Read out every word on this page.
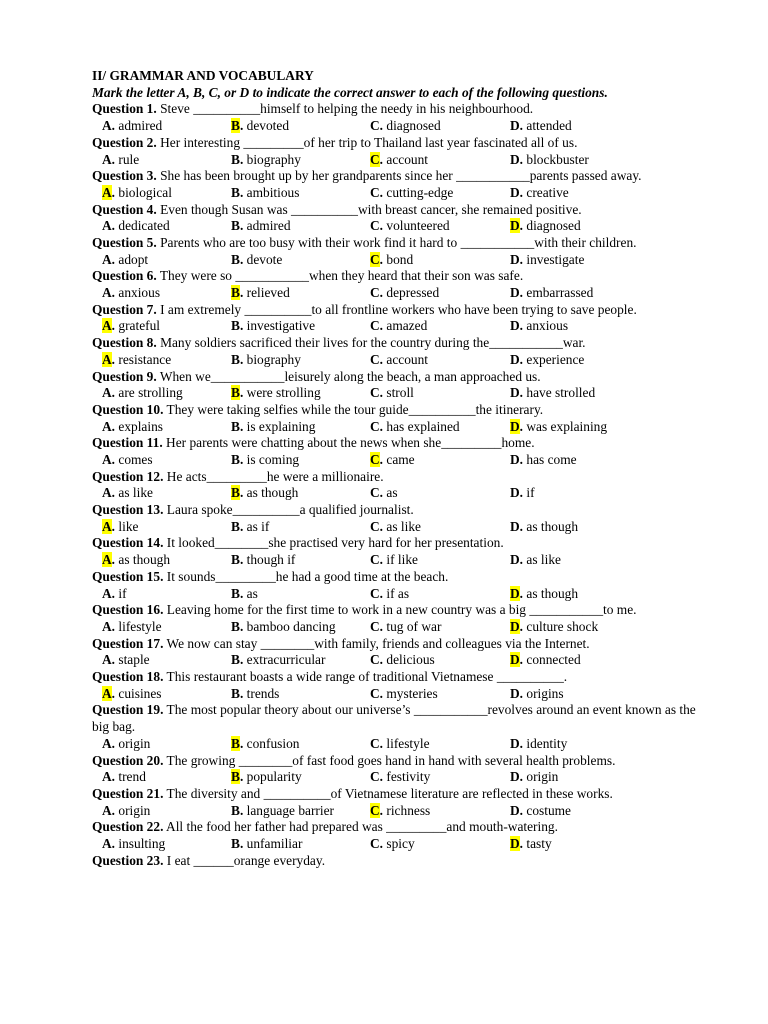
II/ GRAMMAR AND VOCABULARY
Mark the letter A, B, C, or D to indicate the correct answer to each of the following questions.
Question 1. Steve __________himself to helping the needy in his neighbourhood.
A. admired	B. devoted	C. diagnosed	D. attended
Question 2. Her interesting _________of her trip to Thailand last year fascinated all of us.
A. rule	B. biography	C. account	D. blockbuster
Question 3. She has been brought up by her grandparents since her ___________parents passed away.
A. biological	B. ambitious	C. cutting-edge	D. creative
Question 4. Even though Susan was __________with breast cancer, she remained positive.
A. dedicated	B. admired	C. volunteered	D. diagnosed
Question 5. Parents who are too busy with their work find it hard to ___________with their children.
A. adopt	B. devote	C. bond	D. investigate
Question 6. They were so ___________when they heard that their son was safe.
A. anxious	B. relieved	C. depressed	D. embarrassed
Question 7. I am extremely __________to all frontline workers who have been trying to save people.
A. grateful	B. investigative	C. amazed	D. anxious
Question 8. Many soldiers sacrificed their lives for the country during the___________war.
A. resistance	B. biography	C. account	D. experience
Question 9. When we___________leisurely along the beach, a man approached us.
A. are strolling	B. were strolling	C. stroll	D. have strolled
Question 10. They were taking selfies while the tour guide__________the itinerary.
A. explains	B. is explaining	C. has explained	D. was explaining
Question 11. Her parents were chatting about the news when she_________home.
A. comes	B. is coming	C. came	D. has come
Question 12. He acts_________he were a millionaire.
A. as like	B. as though	C. as	D. if
Question 13. Laura spoke__________a qualified journalist.
A. like	B. as if	C. as like	D. as though
Question 14. It looked________she practised very hard for her presentation.
A. as though	B. though if	C. if like	D. as like
Question 15. It sounds_________he had a good time at the beach.
A. if	B. as	C. if as	D. as though
Question 16. Leaving home for the first time to work in a new country was a big ___________to me.
A. lifestyle	B. bamboo dancing	C. tug of war	D. culture shock
Question 17. We now can stay ________with family, friends and colleagues via the Internet.
A. staple	B. extracurricular	C. delicious	D. connected
Question 18. This restaurant boasts a wide range of traditional Vietnamese __________.
A. cuisines	B. trends	C. mysteries	D. origins
Question 19. The most popular theory about our universe’s ___________revolves around an event known as the big bag.
A. origin	B. confusion	C. lifestyle	D. identity
Question 20. The growing ________of fast food goes hand in hand with several health problems.
A. trend	B. popularity	C. festivity	D. origin
Question 21. The diversity and __________of Vietnamese literature are reflected in these works.
A. origin	B. language barrier	C. richness	D. costume
Question 22. All the food her father had prepared was _________and mouth-watering.
A. insulting	B. unfamiliar	C. spicy	D. tasty
Question 23. I eat ______orange everyday.
